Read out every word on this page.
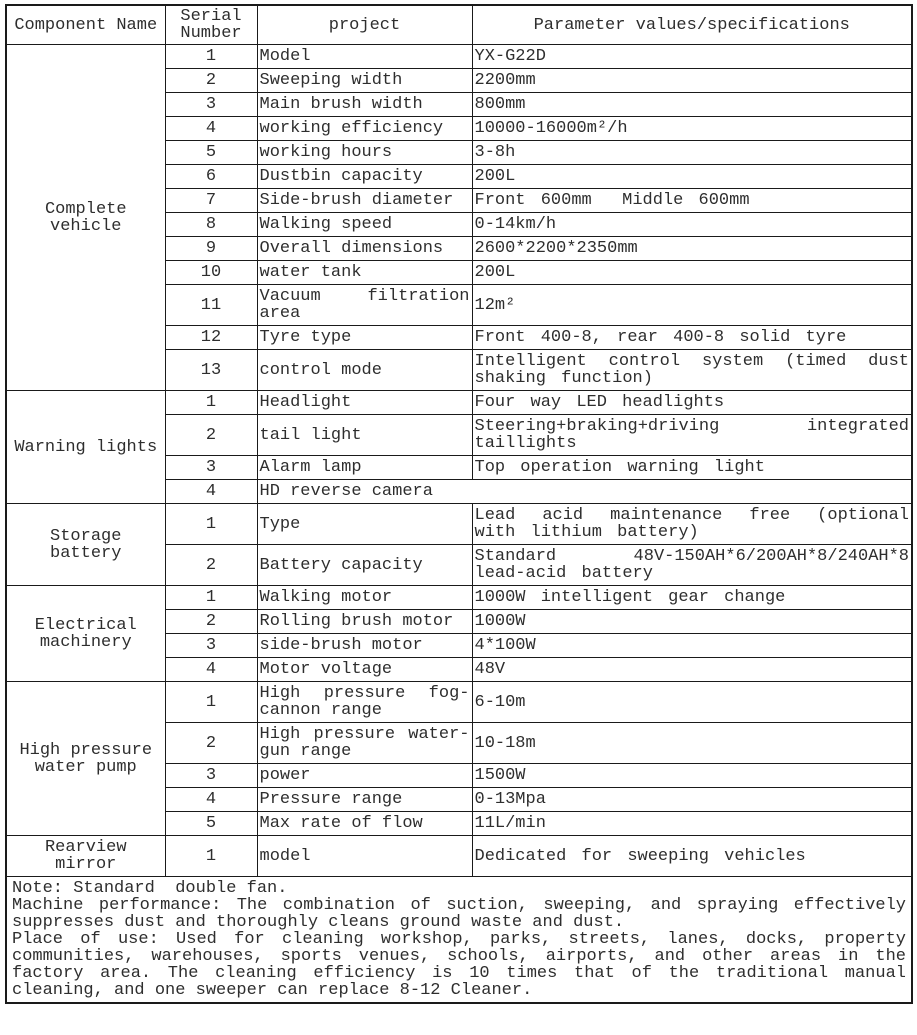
Component Name	Serial Number	project	Parameter values/specifications
Complete vehicle	1	Model	YX-G22D
	2	Sweeping width	2200mm
	3	Main brush width	800mm
	4	working efficiency	10000-16000m²/h
	5	working hours	3-8h
	6	Dustbin capacity	200L
	7	Side-brush diameter	Front 600mm  Middle 600mm
	8	Walking speed	0-14km/h
	9	Overall dimensions	2600*2200*2350mm
	10	water tank	200L
	11	Vacuum filtration area	12m²
	12	Tyre type	Front 400-8, rear 400-8 solid tyre
	13	control mode	Intelligent control system (timed dust shaking function)
Warning lights	1	Headlight	Four way LED headlights
	2	tail light	Steering+braking+driving integrated taillights
	3	Alarm lamp	Top operation warning light
	4	HD reverse camera	
Storage battery	1	Type	Lead acid maintenance free (optional with lithium battery)
	2	Battery capacity	Standard 48V-150AH*6/200AH*8/240AH*8 lead-acid battery
Electrical machinery	1	Walking motor	1000W intelligent gear change
	2	Rolling brush motor	1000W
	3	side-brush motor	4*100W
	4	Motor voltage	48V
High pressure water pump	1	High pressure fog-cannon range	6-10m
	2	High pressure water-gun range	10-18m
	3	power	1500W
	4	Pressure range	0-13Mpa
	5	Max rate of flow	11L/min
Rearview mirror	1	model	Dedicated for sweeping vehicles

Note: Standard  double fan.
Machine performance: The combination of suction, sweeping, and spraying effectively suppresses dust and thoroughly cleans ground waste and dust.
Place of use: Used for cleaning workshop, parks, streets, lanes, docks, property communities, warehouses, sports venues, schools, airports, and other areas in the factory area. The cleaning efficiency is 10 times that of the traditional manual cleaning, and one sweeper can replace 8-12 Cleaner.			
